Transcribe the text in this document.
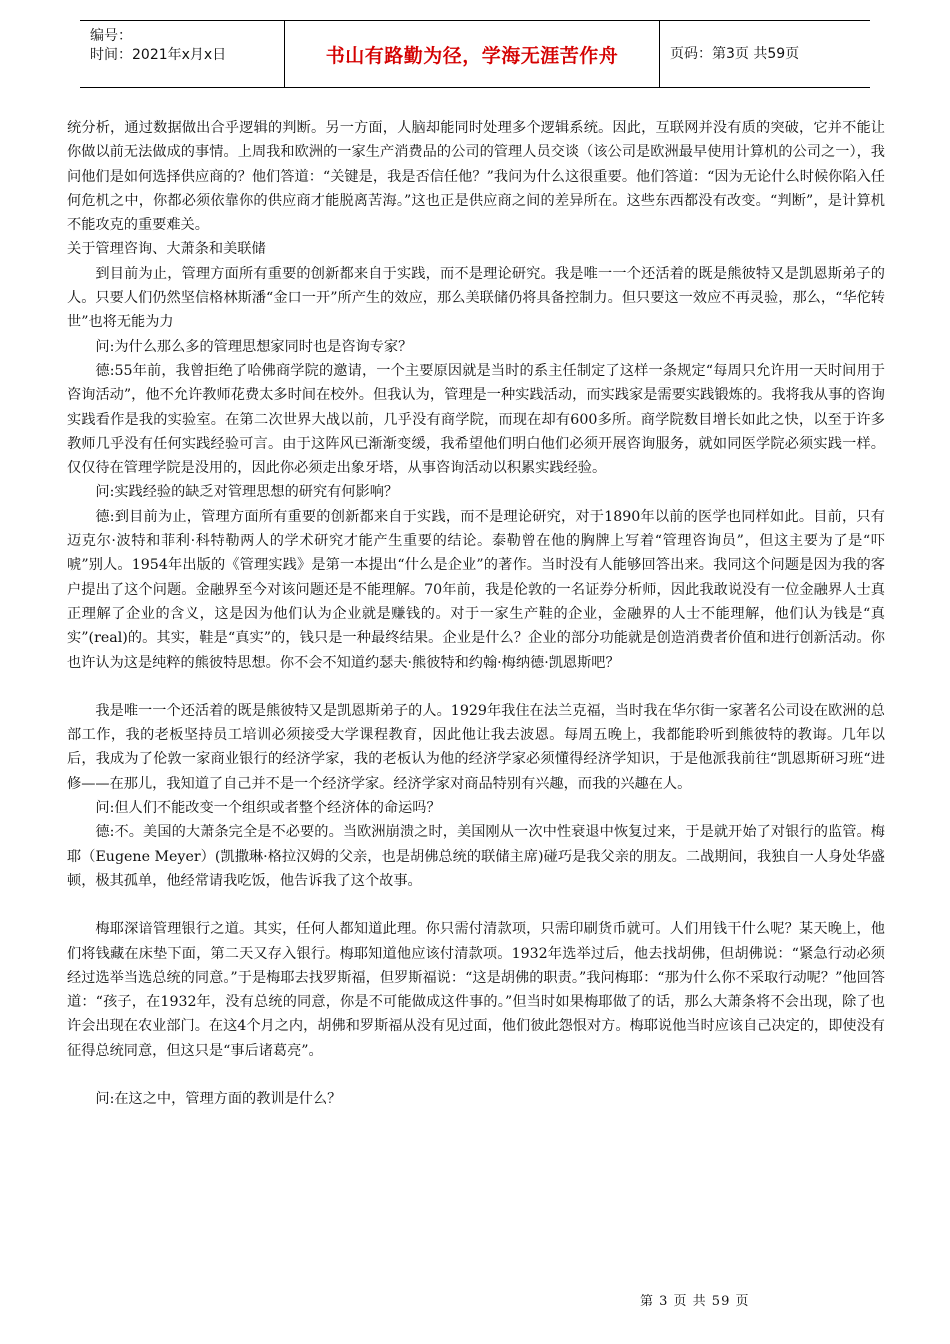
编号：
时间：2021年x月x日	书山有路勤为径，学海无涯苦作舟	页码：第3页 共59页

统分析，通过数据做出合乎逻辑的判断。另一方面，人脑却能同时处理多个逻辑系统。因此，互联网并没有质的突破，它并不能让你做以前无法做成的事情。上周我和欧洲的一家生产消费品的公司的管理人员交谈（该公司是欧洲最早使用计算机的公司之一），我问他们是如何选择供应商的？他们答道：“关键是，我是否信任他？”我问为什么这很重要。他们答道：“因为无论什么时候你陷入任何危机之中，你都必须依靠你的供应商才能脱离苦海。”这也正是供应商之间的差异所在。这些东西都没有改变。“判断”，是计算机不能攻克的重要难关。

关于管理咨询、大萧条和美联储

到目前为止，管理方面所有重要的创新都来自于实践，而不是理论研究。我是唯一一个还活着的既是熊彼特又是凯恩斯弟子的人。只要人们仍然坚信格林斯潘“金口一开”所产生的效应，那么美联储仍将具备控制力。但只要这一效应不再灵验，那么，“华佗转世”也将无能为力

问:为什么那么多的管理思想家同时也是咨询专家？

德:55年前，我曾拒绝了哈佛商学院的邀请，一个主要原因就是当时的系主任制定了这样一条规定“每周只允许用一天时间用于咨询活动”，他不允许教师花费太多时间在校外。但我认为，管理是一种实践活动，而实践家是需要实践锻炼的。我将我从事的咨询实践看作是我的实验室。在第二次世界大战以前，几乎没有商学院，而现在却有600多所。商学院数目增长如此之快，以至于许多教师几乎没有任何实践经验可言。由于这阵风已渐渐变缓，我希望他们明白他们必须开展咨询服务，就如同医学院必须实践一样。仅仅待在管理学院是没用的，因此你必须走出象牙塔，从事咨询活动以积累实践经验。

问:实践经验的缺乏对管理思想的研究有何影响？

德:到目前为止，管理方面所有重要的创新都来自于实践，而不是理论研究，对于1890年以前的医学也同样如此。目前，只有迈克尔·波特和菲利·科特勒两人的学术研究才能产生重要的结论。泰勒曾在他的胸牌上写着“管理咨询员”，但这主要为了是“吓唬”别人。1954年出版的《管理实践》是第一本提出“什么是企业”的著作。当时没有人能够回答出来。我同这个问题是因为我的客户提出了这个问题。金融界至今对该问题还是不能理解。70年前，我是伦敦的一名证券分析师，因此我敢说没有一位金融界人士真正理解了企业的含义，这是因为他们认为企业就是赚钱的。对于一家生产鞋的企业，金融界的人士不能理解，他们认为钱是“真实”(real)的。其实，鞋是“真实”的，钱只是一种最终结果。企业是什么？企业的部分功能就是创造消费者价值和进行创新活动。你也许认为这是纯粹的熊彼特思想。你不会不知道约瑟夫·熊彼特和约翰·梅纳德·凯恩斯吧？

我是唯一一个还活着的既是熊彼特又是凯恩斯弟子的人。1929年我住在法兰克福，当时我在华尔街一家著名公司设在欧洲的总部工作，我的老板坚持员工培训必须接受大学课程教育，因此他让我去波恩。每周五晚上，我都能聆听到熊彼特的教诲。几年以后，我成为了伦敦一家商业银行的经济学家，我的老板认为他的经济学家必须懂得经济学知识，于是他派我前往“凯恩斯研习班“进修——在那儿，我知道了自己并不是一个经济学家。经济学家对商品特别有兴趣，而我的兴趣在人。

问:但人们不能改变一个组织或者整个经济体的命运吗？

德:不。美国的大萧条完全是不必要的。当欧洲崩溃之时，美国刚从一次中性衰退中恢复过来，于是就开始了对银行的监管。梅耶（Eugene Meyer）(凯撒琳·格拉汉姆的父亲，也是胡佛总统的联储主席)碰巧是我父亲的朋友。二战期间，我独自一人身处华盛顿，极其孤单，他经常请我吃饭，他告诉我了这个故事。

梅耶深谙管理银行之道。其实，任何人都知道此理。你只需付清款项，只需印刷货币就可。人们用钱干什么呢？某天晚上，他们将钱藏在床垫下面，第二天又存入银行。梅耶知道他应该付清款项。1932年选举过后，他去找胡佛，但胡佛说：“紧急行动必须经过选举当选总统的同意。”于是梅耶去找罗斯福，但罗斯福说：“这是胡佛的职责。”我问梅耶：“那为什么你不采取行动呢？”他回答道：“孩子，在1932年，没有总统的同意，你是不可能做成这件事的。”但当时如果梅耶做了的话，那么大萧条将不会出现，除了也许会出现在农业部门。在这4个月之内，胡佛和罗斯福从没有见过面，他们彼此怨恨对方。梅耶说他当时应该自己决定的，即使没有征得总统同意，但这只是“事后诸葛亮”。

问:在这之中，管理方面的教训是什么？

第 3 页 共 59 页
